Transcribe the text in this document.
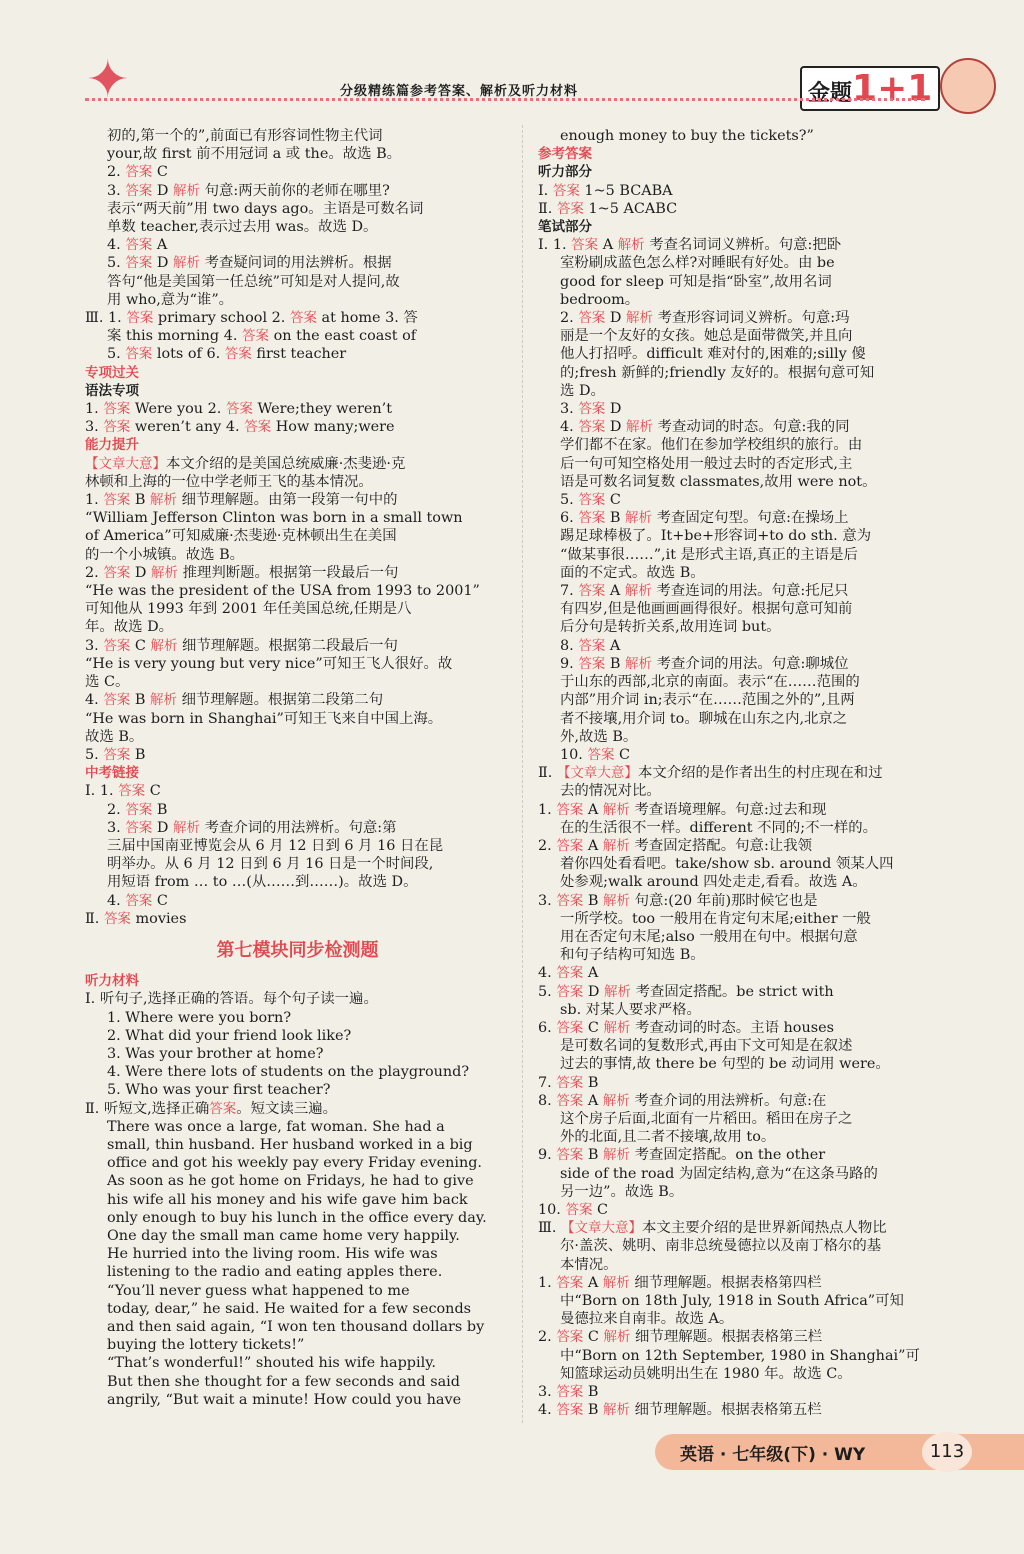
✦	分级精练篇参考答案、解析及听力材料	金题1+1
初的,第一个的”,前面已有形容词性物主代词
your,故 first 前不用冠词 a 或 the。故选 B。
2. 答案 C
3. 答案 D 解析 句意:两天前你的老师在哪里?
表示“两天前”用 two days ago。主语是可数名词
单数 teacher,表示过去用 was。故选 D。
4. 答案 A
5. 答案 D 解析 考查疑问词的用法辨析。根据
答句“他是美国第一任总统”可知是对人提问,故
用 who,意为“谁”。
Ⅲ. 1. 答案 primary school 2. 答案 at home 3. 答
案 this morning 4. 答案 on the east coast of
5. 答案 lots of 6. 答案 first teacher
专项过关
语法专项
1. 答案 Were you 2. 答案 Were;they weren’t
3. 答案 weren’t any 4. 答案 How many;were
能力提升
【文章大意】本文介绍的是美国总统威廉·杰斐逊·克
林顿和上海的一位中学老师王飞的基本情况。
1. 答案 B 解析 细节理解题。由第一段第一句中的
“William Jefferson Clinton was born in a small town
of America”可知威廉·杰斐逊·克林顿出生在美国
的一个小城镇。故选 B。
2. 答案 D 解析 推理判断题。根据第一段最后一句
“He was the president of the USA from 1993 to 2001”
可知他从 1993 年到 2001 年任美国总统,任期是八
年。故选 D。
3. 答案 C 解析 细节理解题。根据第二段最后一句
“He is very young but very nice”可知王飞人很好。故
选 C。
4. 答案 B 解析 细节理解题。根据第二段第二句
“He was born in Shanghai”可知王飞来自中国上海。
故选 B。
5. 答案 B
中考链接
Ⅰ. 1. 答案 C
2. 答案 B
3. 答案 D 解析 考查介词的用法辨析。句意:第
三届中国南亚博览会从 6 月 12 日到 6 月 16 日在昆
明举办。从 6 月 12 日到 6 月 16 日是一个时间段,
用短语 from … to …(从……到……)。故选 D。
4. 答案 C
Ⅱ. 答案 movies
第七模块同步检测题
听力材料
Ⅰ. 听句子,选择正确的答语。每个句子读一遍。
1. Where were you born?
2. What did your friend look like?
3. Was your brother at home?
4. Were there lots of students on the playground?
5. Who was your first teacher?
Ⅱ. 听短文,选择正确答案。短文读三遍。
There was once a large, fat woman. She had a
small, thin husband. Her husband worked in a big
office and got his weekly pay every Friday evening.
As soon as he got home on Fridays, he had to give
his wife all his money and his wife gave him back
only enough to buy his lunch in the office every day.
One day the small man came home very happily.
He hurried into the living room. His wife was
listening to the radio and eating apples there.
“You’ll never guess what happened to me
today, dear,” he said. He waited for a few seconds
and then said again, “I won ten thousand dollars by
buying the lottery tickets!”
“That’s wonderful!” shouted his wife happily.
But then she thought for a few seconds and said
angrily, “But wait a minute! How could you have
enough money to buy the tickets?”
参考答案
听力部分
Ⅰ. 答案 1~5 BCABA
Ⅱ. 答案 1~5 ACABC
笔试部分
Ⅰ. 1. 答案 A 解析 考查名词词义辨析。句意:把卧
室粉刷成蓝色怎么样?对睡眠有好处。由 be
good for sleep 可知是指“卧室”,故用名词
bedroom。
2. 答案 D 解析 考查形容词词义辨析。句意:玛
丽是一个友好的女孩。她总是面带微笑,并且向
他人打招呼。difficult 难对付的,困难的;silly 傻
的;fresh 新鲜的;friendly 友好的。根据句意可知
选 D。
3. 答案 D
4. 答案 D 解析 考查动词的时态。句意:我的同
学们都不在家。他们在参加学校组织的旅行。由
后一句可知空格处用一般过去时的否定形式,主
语是可数名词复数 classmates,故用 were not。
5. 答案 C
6. 答案 B 解析 考查固定句型。句意:在操场上
踢足球棒极了。It+be+形容词+to do sth. 意为
“做某事很……”,it 是形式主语,真正的主语是后
面的不定式。故选 B。
7. 答案 A 解析 考查连词的用法。句意:托尼只
有四岁,但是他画画画得很好。根据句意可知前
后分句是转折关系,故用连词 but。
8. 答案 A
9. 答案 B 解析 考查介词的用法。句意:聊城位
于山东的西部,北京的南面。表示“在……范围的
内部”用介词 in;表示“在……范围之外的”,且两
者不接壤,用介词 to。聊城在山东之内,北京之
外,故选 B。
10. 答案 C
Ⅱ. 【文章大意】本文介绍的是作者出生的村庄现在和过
去的情况对比。
1. 答案 A 解析 考查语境理解。句意:过去和现
在的生活很不一样。different 不同的;不一样的。
2. 答案 A 解析 考查固定搭配。句意:让我领
着你四处看看吧。take/show sb. around 领某人四
处参观;walk around 四处走走,看看。故选 A。
3. 答案 B 解析 句意:(20 年前)那时候它也是
一所学校。too 一般用在肯定句末尾;either 一般
用在否定句末尾;also 一般用在句中。根据句意
和句子结构可知选 B。
4. 答案 A
5. 答案 D 解析 考查固定搭配。be strict with
sb. 对某人要求严格。
6. 答案 C 解析 考查动词的时态。主语 houses
是可数名词的复数形式,再由下文可知是在叙述
过去的事情,故 there be 句型的 be 动词用 were。
7. 答案 B
8. 答案 A 解析 考查介词的用法辨析。句意:在
这个房子后面,北面有一片稻田。稻田在房子之
外的北面,且二者不接壤,故用 to。
9. 答案 B 解析 考查固定搭配。on the other
side of the road 为固定结构,意为“在这条马路的
另一边”。故选 B。
10. 答案 C
Ⅲ. 【文章大意】本文主要介绍的是世界新闻热点人物比
尔·盖茨、姚明、南非总统曼德拉以及南丁格尔的基
本情况。
1. 答案 A 解析 细节理解题。根据表格第四栏
中“Born on 18th July, 1918 in South Africa”可知
曼德拉来自南非。故选 A。
2. 答案 C 解析 细节理解题。根据表格第三栏
中“Born on 12th September, 1980 in Shanghai”可
知篮球运动员姚明出生在 1980 年。故选 C。
3. 答案 B
4. 答案 B 解析 细节理解题。根据表格第五栏
英语 · 七年级(下) · WY	113
